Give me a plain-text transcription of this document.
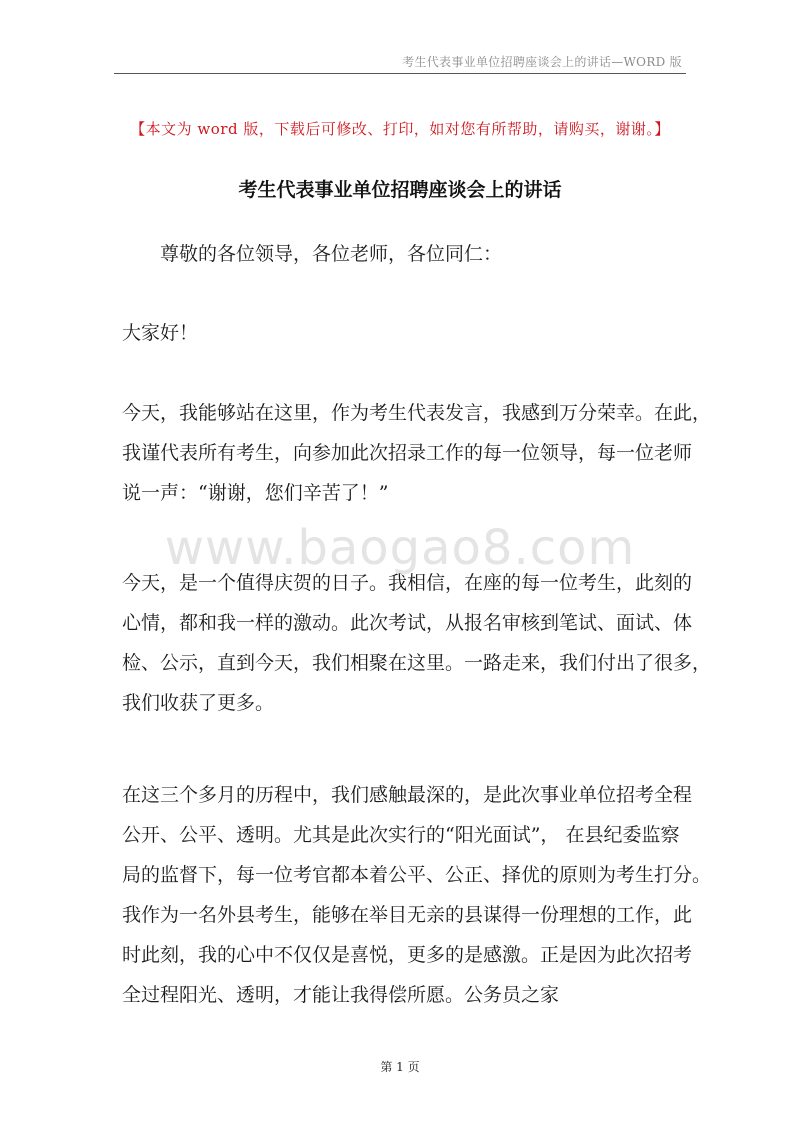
考生代表事业单位招聘座谈会上的讲话—WORD 版
【本文为 word 版，下载后可修改、打印，如对您有所帮助，请购买，谢谢。】
考生代表事业单位招聘座谈会上的讲话
尊敬的各位领导，各位老师，各位同仁：
大家好！
今天，我能够站在这里，作为考生代表发言，我感到万分荣幸。在此，
我谨代表所有考生，向参加此次招录工作的每一位领导，每一位老师
说一声：“谢谢，您们辛苦了！”
www.baogao8.com
今天，是一个值得庆贺的日子。我相信，在座的每一位考生，此刻的
心情，都和我一样的激动。此次考试，从报名审核到笔试、面试、体
检、公示，直到今天，我们相聚在这里。一路走来，我们付出了很多，
我们收获了更多。
在这三个多月的历程中，我们感触最深的，是此次事业单位招考全程
公开、公平、透明。尤其是此次实行的“阳光面试”， 在县纪委监察
局的监督下，每一位考官都本着公平、公正、择优的原则为考生打分。
我作为一名外县考生，能够在举目无亲的县谋得一份理想的工作，此
时此刻，我的心中不仅仅是喜悦，更多的是感激。正是因为此次招考
全过程阳光、透明，才能让我得偿所愿。公务员之家
第 1 页
